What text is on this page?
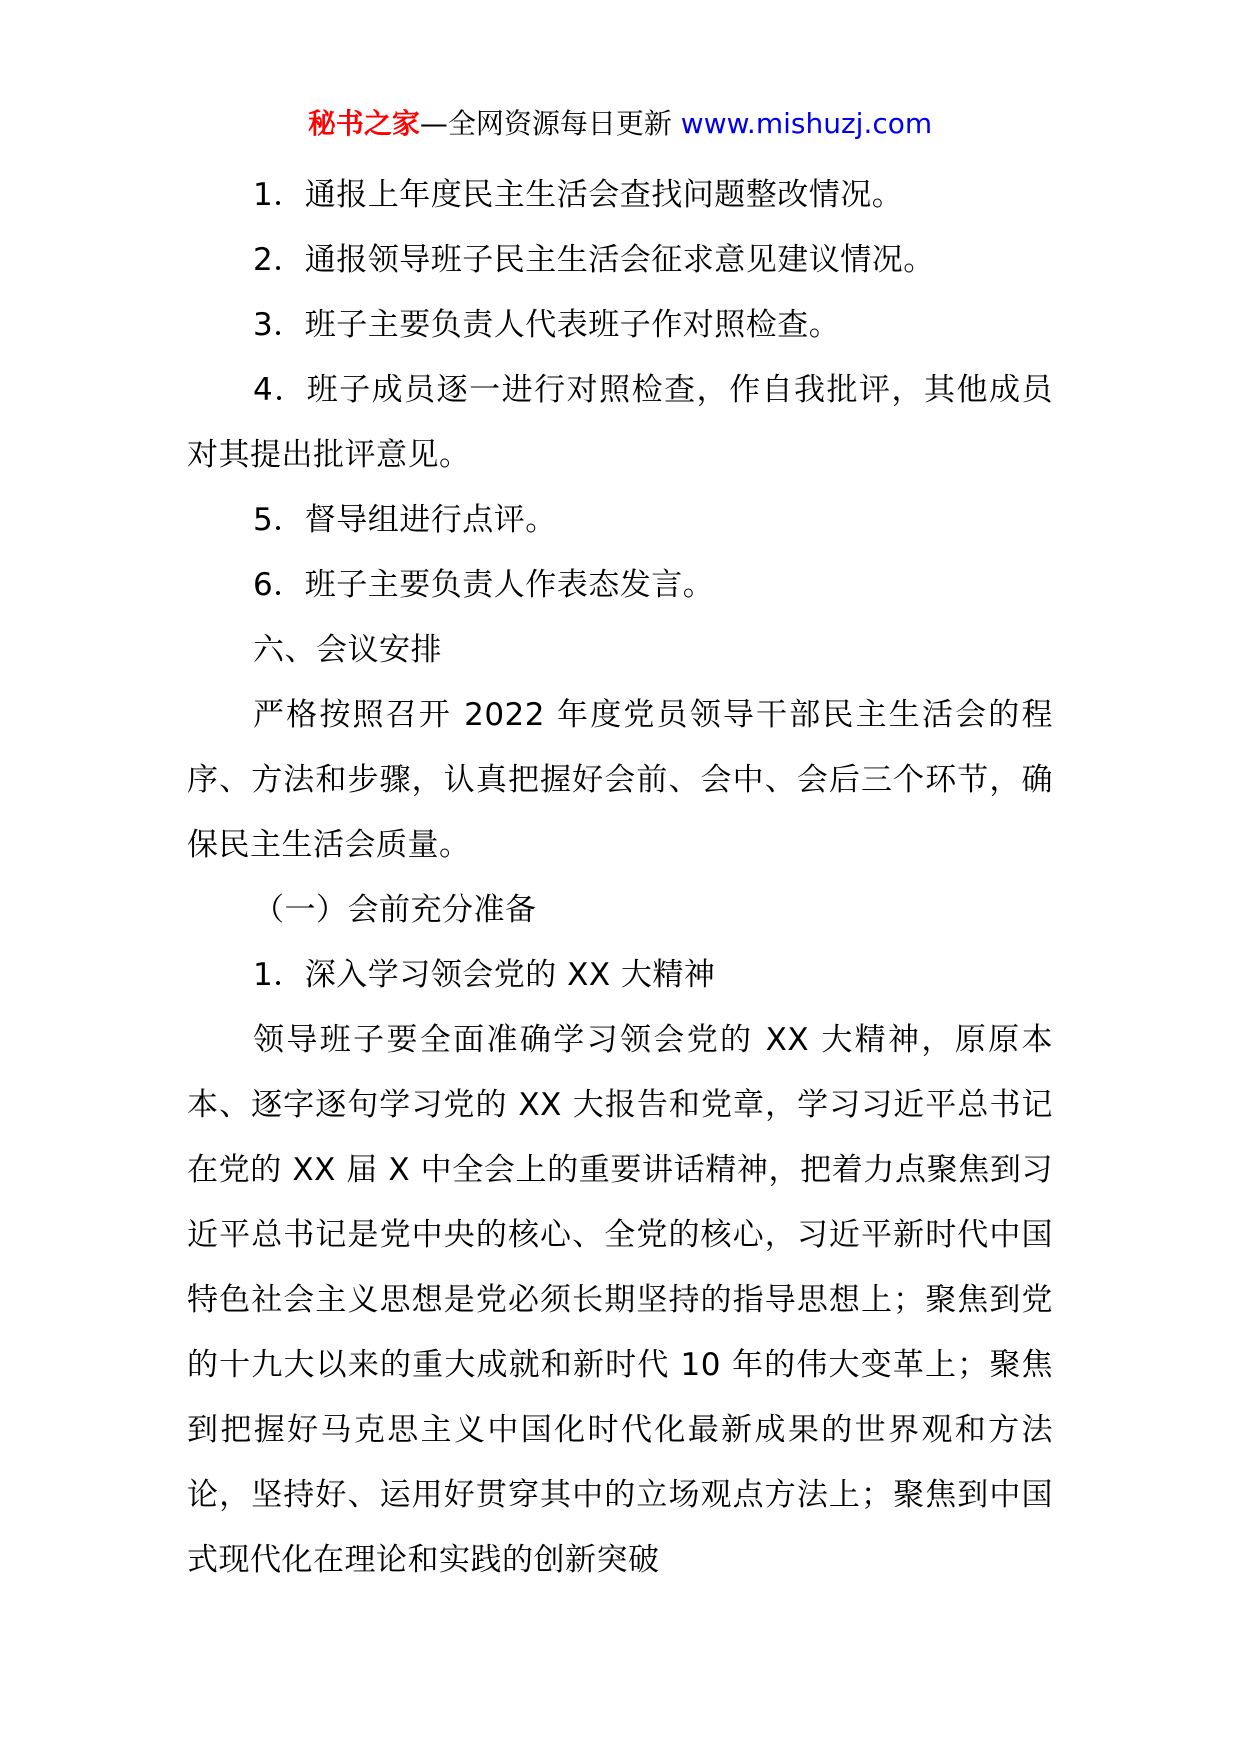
秘书之家—全网资源每日更新 www.mishuzj.com

1．通报上年度民主生活会查找问题整改情况。

2．通报领导班子民主生活会征求意见建议情况。

3．班子主要负责人代表班子作对照检查。

4．班子成员逐一进行对照检查，作自我批评，其他成员对其提出批评意见。

5．督导组进行点评。

6．班子主要负责人作表态发言。

六、会议安排

严格按照召开 2022 年度党员领导干部民主生活会的程序、方法和步骤，认真把握好会前、会中、会后三个环节，确保民主生活会质量。

（一）会前充分准备

1．深入学习领会党的 XX 大精神

领导班子要全面准确学习领会党的 XX 大精神，原原本本、逐字逐句学习党的 XX 大报告和党章，学习习近平总书记在党的 XX 届 X 中全会上的重要讲话精神，把着力点聚焦到习近平总书记是党中央的核心、全党的核心，习近平新时代中国特色社会主义思想是党必须长期坚持的指导思想上；聚焦到党的十九大以来的重大成就和新时代 10 年的伟大变革上；聚焦到把握好马克思主义中国化时代化最新成果的世界观和方法论，坚持好、运用好贯穿其中的立场观点方法上；聚焦到中国式现代化在理论和实践的创新突破
